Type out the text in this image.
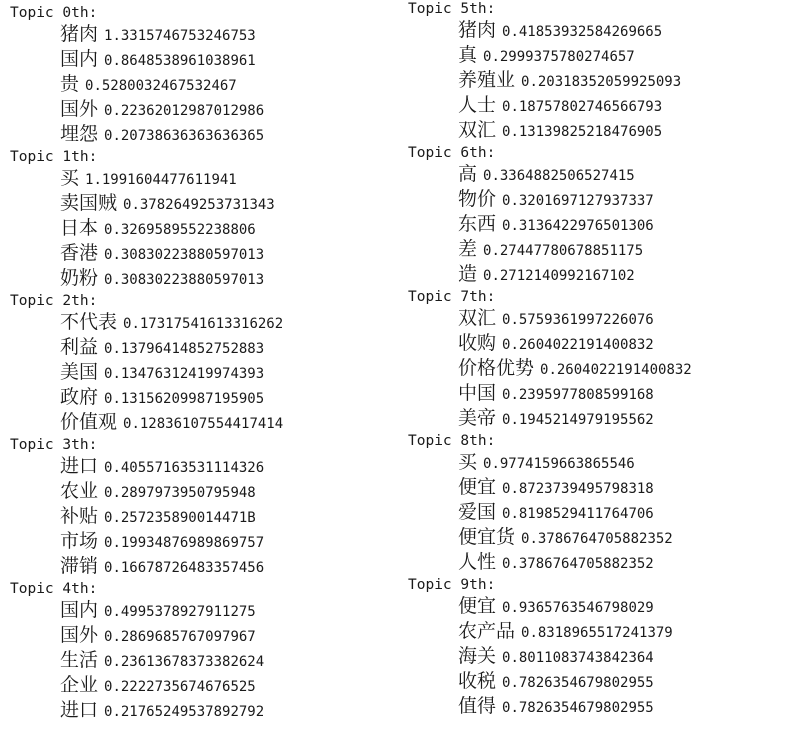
Topic 0th:
猪肉 1.3315746753246753
国内 0.8648538961038961
贵 0.5280032467532467
国外 0.22362012987012986
埋怨 0.20738636363636365
Topic 1th:
买 1.1991604477611941
卖国贼 0.3782649253731343
日本 0.3269589552238806
香港 0.30830223880597013
奶粉 0.30830223880597013
Topic 2th:
不代表 0.17317541613316262
利益 0.13796414852752883
美国 0.13476312419974393
政府 0.13156209987195905
价值观 0.12836107554417414
Topic 3th:
进口 0.40557163531114326
农业 0.2897973950795948
补贴 0.257235890014471B
市场 0.19934876989869757
滞销 0.16678726483357456
Topic 4th:
国内 0.4995378927911275
国外 0.2869685767097967
生活 0.23613678373382624
企业 0.2222735674676525
进口 0.21765249537892792
Topic 5th:
猪肉 0.41853932584269665
真 0.2999375780274657
养殖业 0.20318352059925093
人士 0.18757802746566793
双汇 0.13139825218476905
Topic 6th:
高 0.3364882506527415
物价 0.3201697127937337
东西 0.3136422976501306
差 0.27447780678851175
造 0.2712140992167102
Topic 7th:
双汇 0.5759361997226076
收购 0.2604022191400832
价格优势 0.2604022191400832
中国 0.2395977808599168
美帝 0.1945214979195562
Topic 8th:
买 0.9774159663865546
便宜 0.8723739495798318
爱国 0.8198529411764706
便宜货 0.3786764705882352
人性 0.3786764705882352
Topic 9th:
便宜 0.9365763546798029
农产品 0.8318965517241379
海关 0.8011083743842364
收税 0.7826354679802955
值得 0.7826354679802955
